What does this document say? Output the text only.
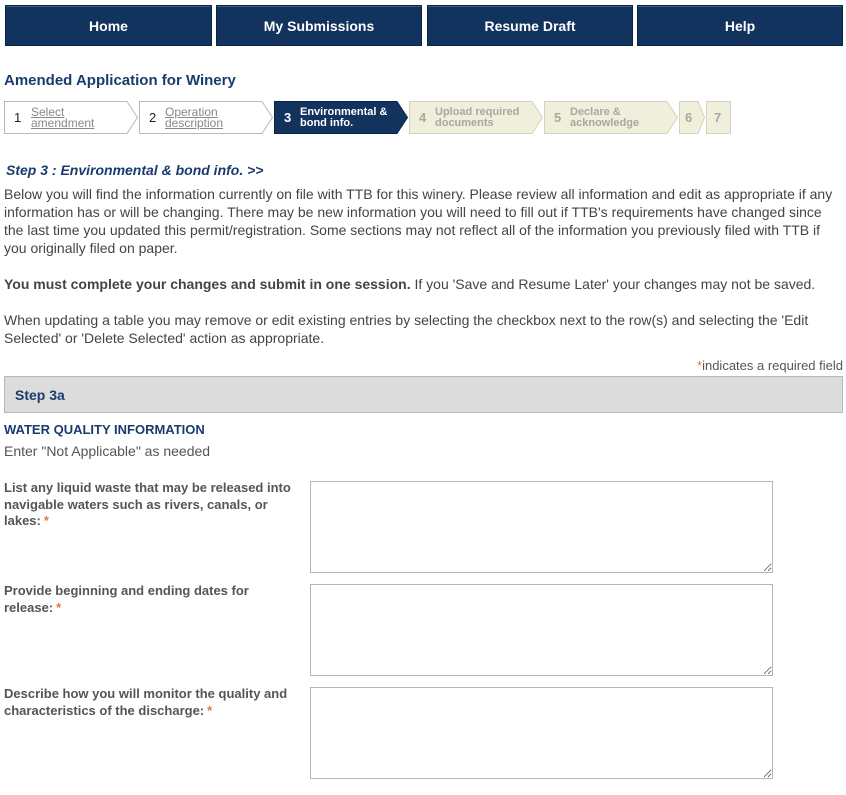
Home	My Submissions	Resume Draft	Help
Amended Application for Winery
1 Select amendment	2 Operation description	3 Environmental & bond info.	4 Upload required documents	5 Declare & acknowledge	6 7
Step 3 : Environmental & bond info. >>
Below you will find the information currently on file with TTB for this winery. Please review all information and edit as appropriate if any information has or will be changing. There may be new information you will need to fill out if TTB's requirements have changed since the last time you updated this permit/registration. Some sections may not reflect all of the information you previously filed with TTB if you originally filed on paper.
You must complete your changes and submit in one session. If you 'Save and Resume Later' your changes may not be saved.
When updating a table you may remove or edit existing entries by selecting the checkbox next to the row(s) and selecting the 'Edit Selected' or 'Delete Selected' action as appropriate.
*indicates a required field
Step 3a
WATER QUALITY INFORMATION
Enter "Not Applicable" as needed
List any liquid waste that may be released into navigable waters such as rivers, canals, or lakes: *
Provide beginning and ending dates for release: *
Describe how you will monitor the quality and characteristics of the discharge: *
